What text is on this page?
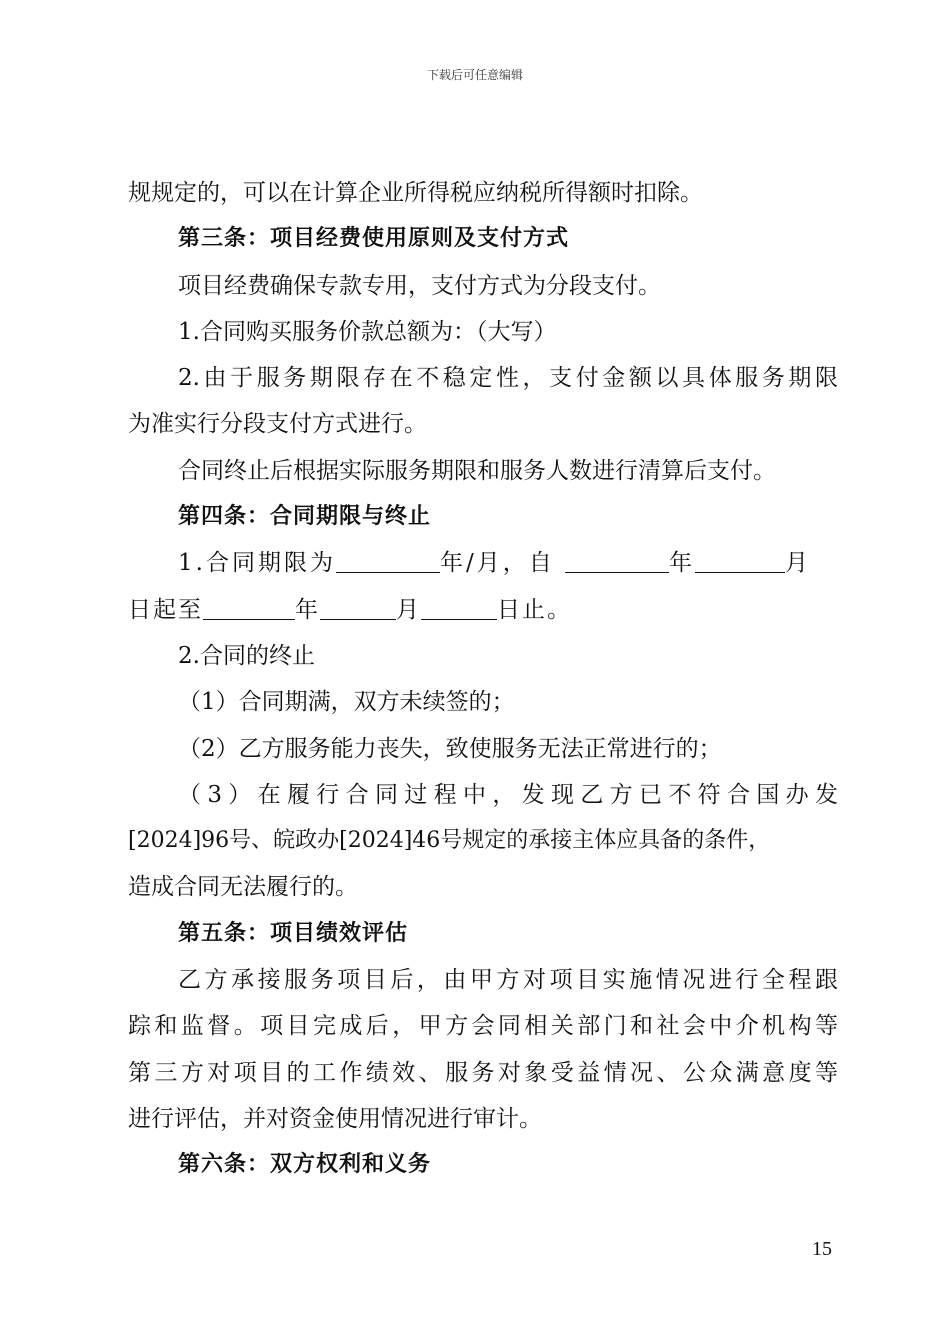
下载后可任意编辑

规规定的，可以在计算企业所得税应纳税所得额时扣除。

第三条：项目经费使用原则及支付方式

项目经费确保专款专用，支付方式为分段支付。

1.合同购买服务价款总额为：（大写）

2.由于服务期限存在不稳定性，支付金额以具体服务期限

为准实行分段支付方式进行。

合同终止后根据实际服务期限和服务人数进行清算后支付。

第四条：合同期限与终止

1.合同期限为	年/月，自	年	月

日起至	年	月	日止。

2.合同的终止

（1）合同期满，双方未续签的；

（2）乙方服务能力丧失，致使服务无法正常进行的；

（3）在履行合同过程中，发现乙方已不符合国办发

[2024]96号、皖政办[2024]46号规定的承接主体应具备的条件，

造成合同无法履行的。

第五条：项目绩效评估

乙方承接服务项目后，由甲方对项目实施情况进行全程跟

踪和监督。项目完成后，甲方会同相关部门和社会中介机构等

第三方对项目的工作绩效、服务对象受益情况、公众满意度等

进行评估，并对资金使用情况进行审计。

第六条：双方权利和义务

15
